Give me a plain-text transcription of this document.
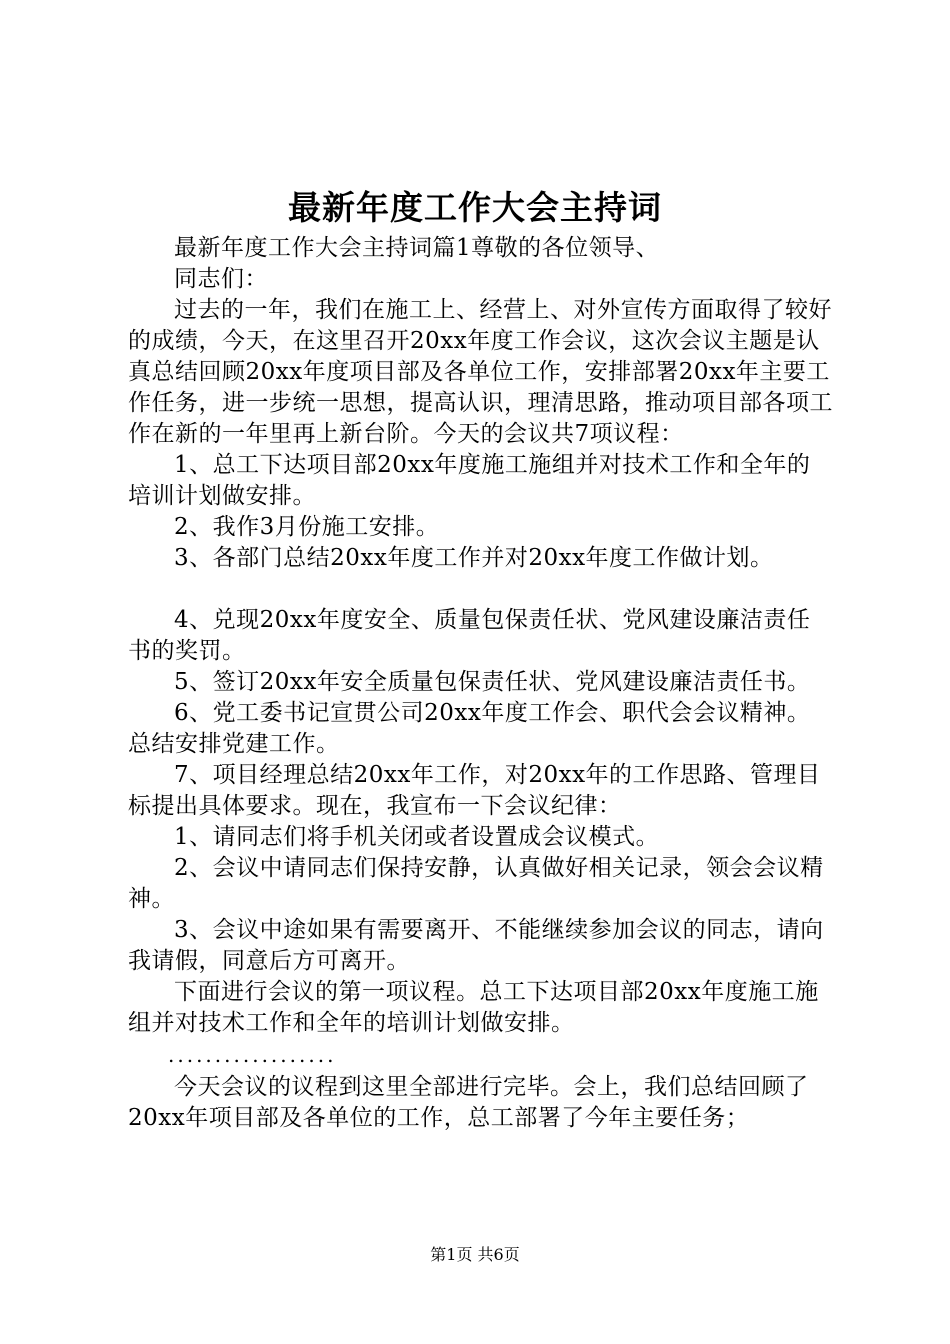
最新年度工作大会主持词

最新年度工作大会主持词篇1尊敬的各位领导、

同志们：

过去的一年，我们在施工上、经营上、对外宣传方面取得了较好的成绩，今天，在这里召开20xx年度工作会议，这次会议主题是认真总结回顾20xx年度项目部及各单位工作，安排部署20xx年主要工作任务，进一步统一思想，提高认识，理清思路，推动项目部各项工作在新的一年里再上新台阶。今天的会议共7项议程：

1、总工下达项目部20xx年度施工施组并对技术工作和全年的培训计划做安排。

2、我作3月份施工安排。

3、各部门总结20xx年度工作并对20xx年度工作做计划。

4、兑现20xx年度安全、质量包保责任状、党风建设廉洁责任书的奖罚。

5、签订20xx年安全质量包保责任状、党风建设廉洁责任书。

6、党工委书记宣贯公司20xx年度工作会、职代会会议精神。总结安排党建工作。

7、项目经理总结20xx年工作，对20xx年的工作思路、管理目标提出具体要求。现在，我宣布一下会议纪律：

1、请同志们将手机关闭或者设置成会议模式。

2、会议中请同志们保持安静，认真做好相关记录，领会会议精神。

3、会议中途如果有需要离开、不能继续参加会议的同志，请向我请假，同意后方可离开。

下面进行会议的第一项议程。总工下达项目部20xx年度施工施组并对技术工作和全年的培训计划做安排。

..................

今天会议的议程到这里全部进行完毕。会上，我们总结回顾了20xx年项目部及各单位的工作，总工部署了今年主要任务；

第1页 共6页
